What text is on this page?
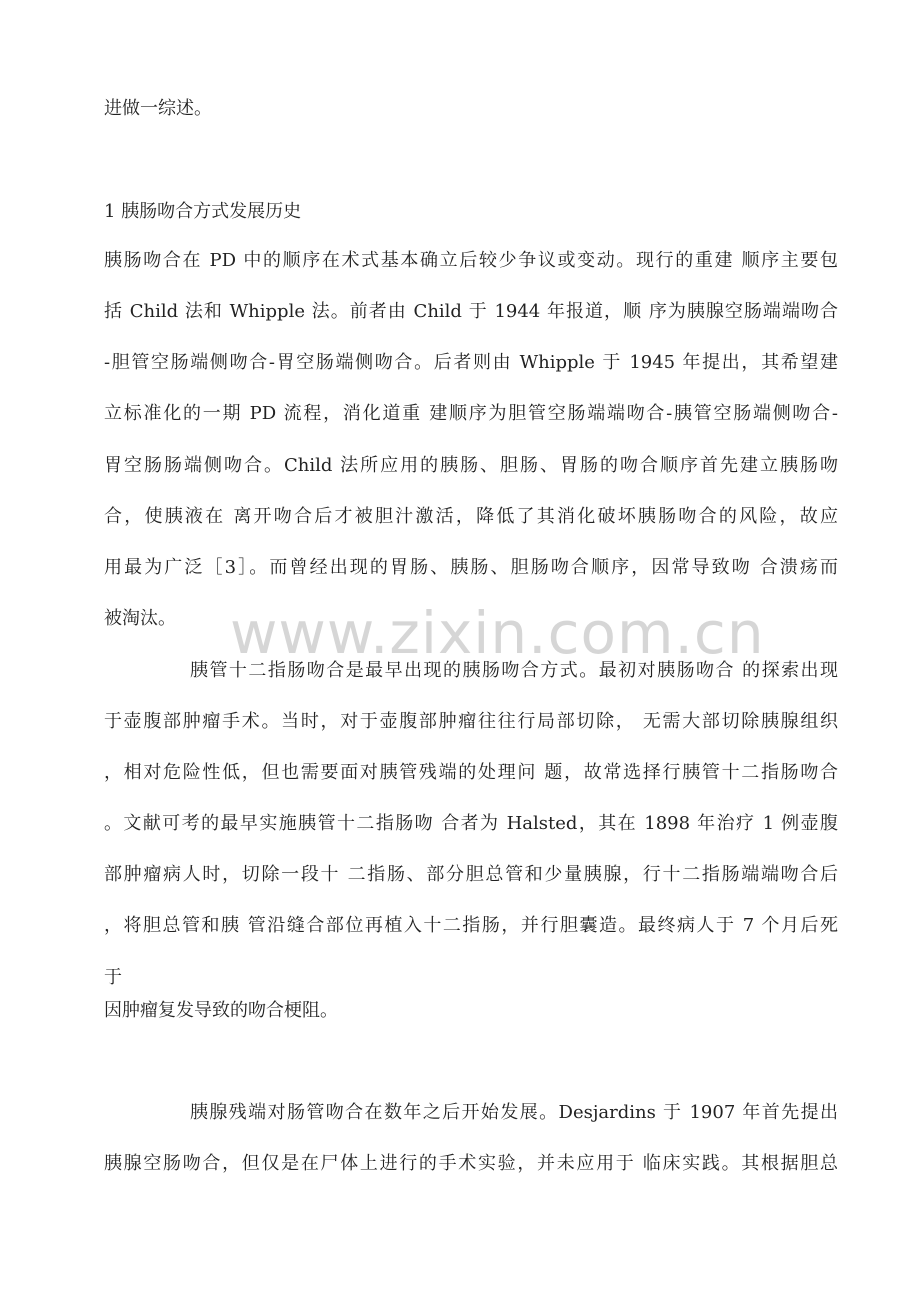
进做一综述。
1 胰肠吻合方式发展历史
胰肠吻合在 PD 中的顺序在术式基本确立后较少争议或变动。现行的重建 顺序主要包
括 Child 法和 Whipple 法。前者由 Child 于 1944 年报道，顺 序为胰腺空肠端端吻合
-胆管空肠端侧吻合-胃空肠端侧吻合。后者则由 Whipple 于 1945 年提出，其希望建
立标准化的一期 PD 流程，消化道重 建顺序为胆管空肠端端吻合-胰管空肠端侧吻合-
胃空肠肠端侧吻合。Child 法所应用的胰肠、胆肠、胃肠的吻合顺序首先建立胰肠吻
合，使胰液在 离开吻合后才被胆汁激活，降低了其消化破坏胰肠吻合的风险，故应
用最为广泛［3］。而曾经出现的胃肠、胰肠、胆肠吻合顺序，因常导致吻 合溃疡而
被淘汰。 www.zixin.com.cn
胰管十二指肠吻合是最早出现的胰肠吻合方式。最初对胰肠吻合 的探索出现
于壶腹部肿瘤手术。当时，对于壶腹部肿瘤往往行局部切除， 无需大部切除胰腺组织
，相对危险性低，但也需要面对胰管残端的处理问 题，故常选择行胰管十二指肠吻合
。文献可考的最早实施胰管十二指肠吻 合者为 Halsted，其在 1898 年治疗 1 例壶腹
部肿瘤病人时，切除一段十 二指肠、部分胆总管和少量胰腺，行十二指肠端端吻合后
，将胆总管和胰 管沿缝合部位再植入十二指肠，并行胆囊造。最终病人于 7 个月后死
于
因肿瘤复发导致的吻合梗阻。
胰腺残端对肠管吻合在数年之后开始发展。Desjardins 于 1907 年首先提出
胰腺空肠吻合，但仅是在尸体上进行的手术实验，并未应用于 临床实践。其根据胆总
